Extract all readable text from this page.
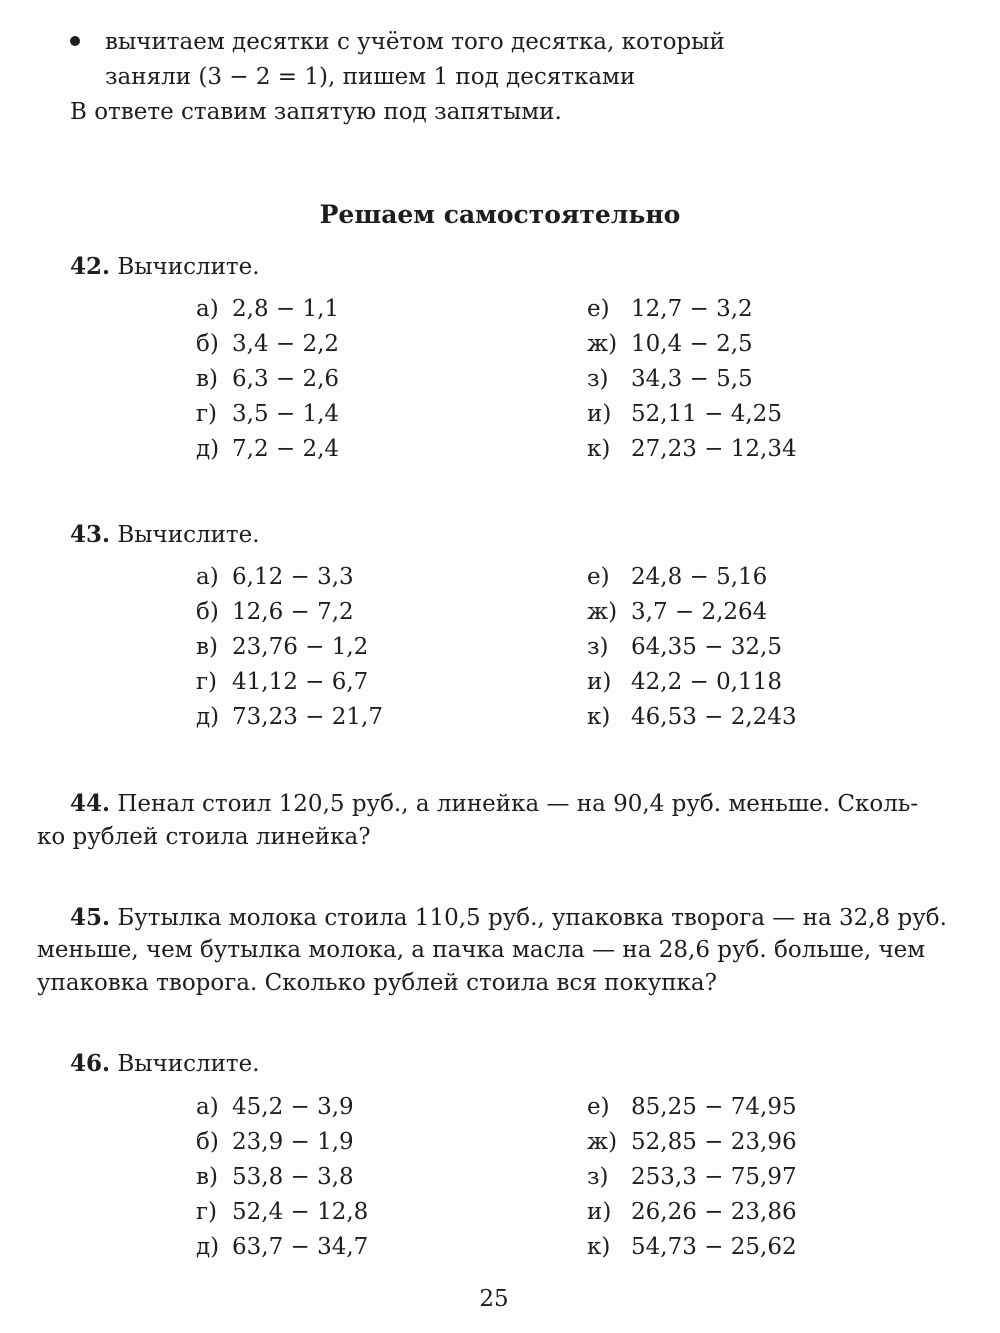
вычитаем десятки с учётом того десятка, который
заняли (3 − 2 = 1), пишем 1 под десятками
В ответе ставим запятую под запятыми.
Решаем самостоятельно
42. Вычислите.
а) 2,8 − 1,1
б) 3,4 − 2,2
в) 6,3 − 2,6
г) 3,5 − 1,4
д) 7,2 − 2,4
е) 12,7 − 3,2
ж) 10,4 − 2,5
з) 34,3 − 5,5
и) 52,11 − 4,25
к) 27,23 − 12,34
43. Вычислите.
а) 6,12 − 3,3
б) 12,6 − 7,2
в) 23,76 − 1,2
г) 41,12 − 6,7
д) 73,23 − 21,7
е) 24,8 − 5,16
ж) 3,7 − 2,264
з) 64,35 − 32,5
и) 42,2 − 0,118
к) 46,53 − 2,243
44. Пенал стоил 120,5 руб., а линейка — на 90,4 руб. меньше. Сколь-
ко рублей стоила линейка?
45. Бутылка молока стоила 110,5 руб., упаковка творога — на 32,8 руб.
меньше, чем бутылка молока, а пачка масла — на 28,6 руб. больше, чем
упаковка творога. Сколько рублей стоила вся покупка?
46. Вычислите.
а) 45,2 − 3,9
б) 23,9 − 1,9
в) 53,8 − 3,8
г) 52,4 − 12,8
д) 63,7 − 34,7
е) 85,25 − 74,95
ж) 52,85 − 23,96
з) 253,3 − 75,97
и) 26,26 − 23,86
к) 54,73 − 25,62
25
